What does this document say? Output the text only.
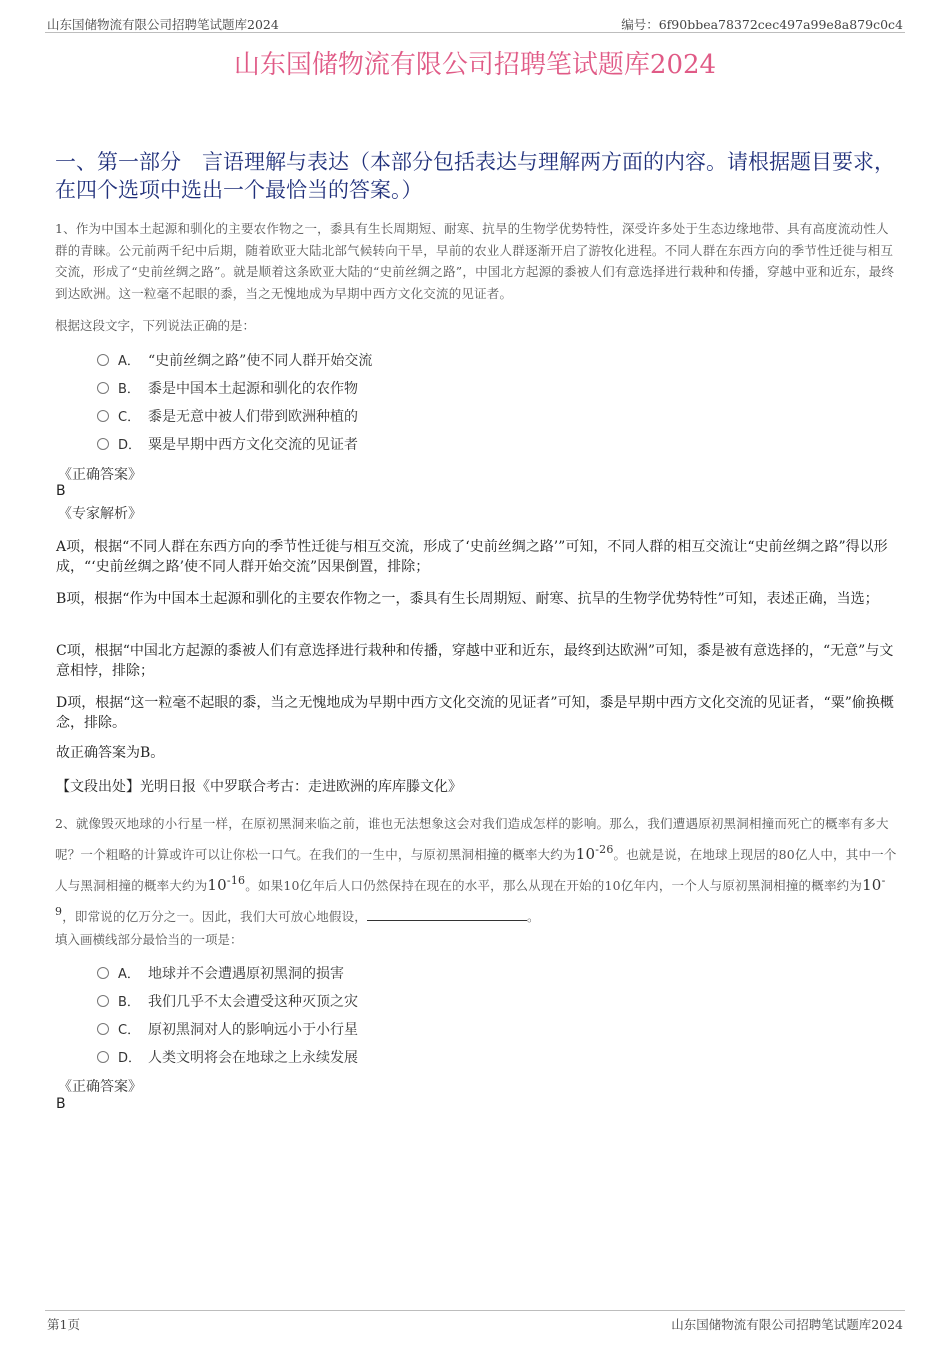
山东国储物流有限公司招聘笔试题库2024	编号：6f90bbea78372cec497a99e8a879c0c4
山东国储物流有限公司招聘笔试题库2024
一、第一部分　言语理解与表达（本部分包括表达与理解两方面的内容。请根据题目要求，在四个选项中选出一个最恰当的答案。）
1、作为中国本土起源和驯化的主要农作物之一，黍具有生长周期短、耐寒、抗旱的生物学优势特性，深受许多处于生态边缘地带、具有高度流动性人群的青睐。公元前两千纪中后期，随着欧亚大陆北部气候转向干旱，早前的农业人群逐渐开启了游牧化进程。不同人群在东西方向的季节性迁徙与相互交流，形成了“史前丝绸之路”。就是顺着这条欧亚大陆的“史前丝绸之路”，中国北方起源的黍被人们有意选择进行栽种和传播，穿越中亚和近东，最终到达欧洲。这一粒毫不起眼的黍，当之无愧地成为早期中西方文化交流的见证者。
根据这段文字，下列说法正确的是：
A． “史前丝绸之路”使不同人群开始交流
B． 黍是中国本土起源和驯化的农作物
C． 黍是无意中被人们带到欧洲种植的
D． 粟是早期中西方文化交流的见证者
《正确答案》
B
《专家解析》
A项，根据“不同人群在东西方向的季节性迁徙与相互交流，形成了‘史前丝绸之路’”可知，不同人群的相互交流让“史前丝绸之路”得以形成，“‘史前丝绸之路’使不同人群开始交流”因果倒置，排除；
B项，根据“作为中国本土起源和驯化的主要农作物之一，黍具有生长周期短、耐寒、抗旱的生物学优势特性”可知，表述正确，当选；
C项，根据“中国北方起源的黍被人们有意选择进行栽种和传播，穿越中亚和近东，最终到达欧洲”可知，黍是被有意选择的，“无意”与文意相悖，排除；
D项，根据“这一粒毫不起眼的黍，当之无愧地成为早期中西方文化交流的见证者”可知，黍是早期中西方文化交流的见证者，“粟”偷换概念，排除。
故正确答案为B。
【文段出处】光明日报《中罗联合考古：走进欧洲的库库滕文化》
2、就像毁灭地球的小行星一样，在原初黑洞来临之前，谁也无法想象这会对我们造成怎样的影响。那么，我们遭遇原初黑洞相撞而死亡的概率有多大呢？一个粗略的计算或许可以让你松一口气。在我们的一生中，与原初黑洞相撞的概率大约为$10^{-26}$。也就是说，在地球上现居的80亿人中，其中一个人与黑洞相撞的概率大约为$10^{-16}$。如果10亿年后人口仍然保持在现在的水平，那么从现在开始的10亿年内，一个人与原初黑洞相撞的概率约为$10^{-9}$，即常说的亿万分之一。因此，我们大可放心地假设，	。
填入画横线部分最恰当的一项是：
A． 地球并不会遭遇原初黑洞的损害
B． 我们几乎不太会遭受这种灭顶之灾
C． 原初黑洞对人的影响远小于小行星
D． 人类文明将会在地球之上永续发展
《正确答案》
B
第1页	山东国储物流有限公司招聘笔试题库2024
